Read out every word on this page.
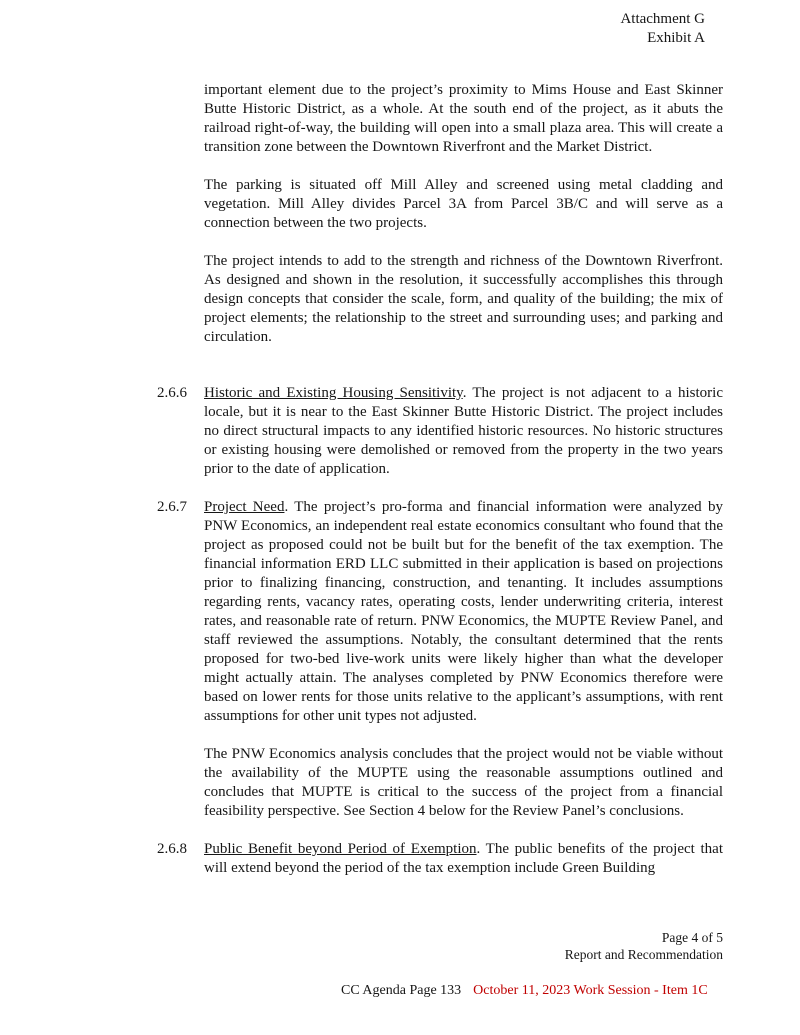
Attachment G
Exhibit A

important element due to the project’s proximity to Mims House and East Skinner Butte Historic District, as a whole. At the south end of the project, as it abuts the railroad right-of-way, the building will open into a small plaza area. This will create a transition zone between the Downtown Riverfront and the Market District.

The parking is situated off Mill Alley and screened using metal cladding and vegetation. Mill Alley divides Parcel 3A from Parcel 3B/C and will serve as a connection between the two projects.

The project intends to add to the strength and richness of the Downtown Riverfront. As designed and shown in the resolution, it successfully accomplishes this through design concepts that consider the scale, form, and quality of the building; the mix of project elements; the relationship to the street and surrounding uses; and parking and circulation.

2.6.6	Historic and Existing Housing Sensitivity. The project is not adjacent to a historic locale, but it is near to the East Skinner Butte Historic District. The project includes no direct structural impacts to any identified historic resources. No historic structures or existing housing were demolished or removed from the property in the two years prior to the date of application.

2.6.7	Project Need. The project’s pro-forma and financial information were analyzed by PNW Economics, an independent real estate economics consultant who found that the project as proposed could not be built but for the benefit of the tax exemption. The financial information ERD LLC submitted in their application is based on projections prior to finalizing financing, construction, and tenanting. It includes assumptions regarding rents, vacancy rates, operating costs, lender underwriting criteria, interest rates, and reasonable rate of return. PNW Economics, the MUPTE Review Panel, and staff reviewed the assumptions. Notably, the consultant determined that the rents proposed for two-bed live-work units were likely higher than what the developer might actually attain. The analyses completed by PNW Economics therefore were based on lower rents for those units relative to the applicant’s assumptions, with rent assumptions for other unit types not adjusted.

The PNW Economics analysis concludes that the project would not be viable without the availability of the MUPTE using the reasonable assumptions outlined and concludes that MUPTE is critical to the success of the project from a financial feasibility perspective. See Section 4 below for the Review Panel’s conclusions.

2.6.8	Public Benefit beyond Period of Exemption. The public benefits of the project that will extend beyond the period of the tax exemption include Green Building

Page 4 of 5
Report and Recommendation
CC Agenda Page 133 October 11, 2023 Work Session - Item 1C
